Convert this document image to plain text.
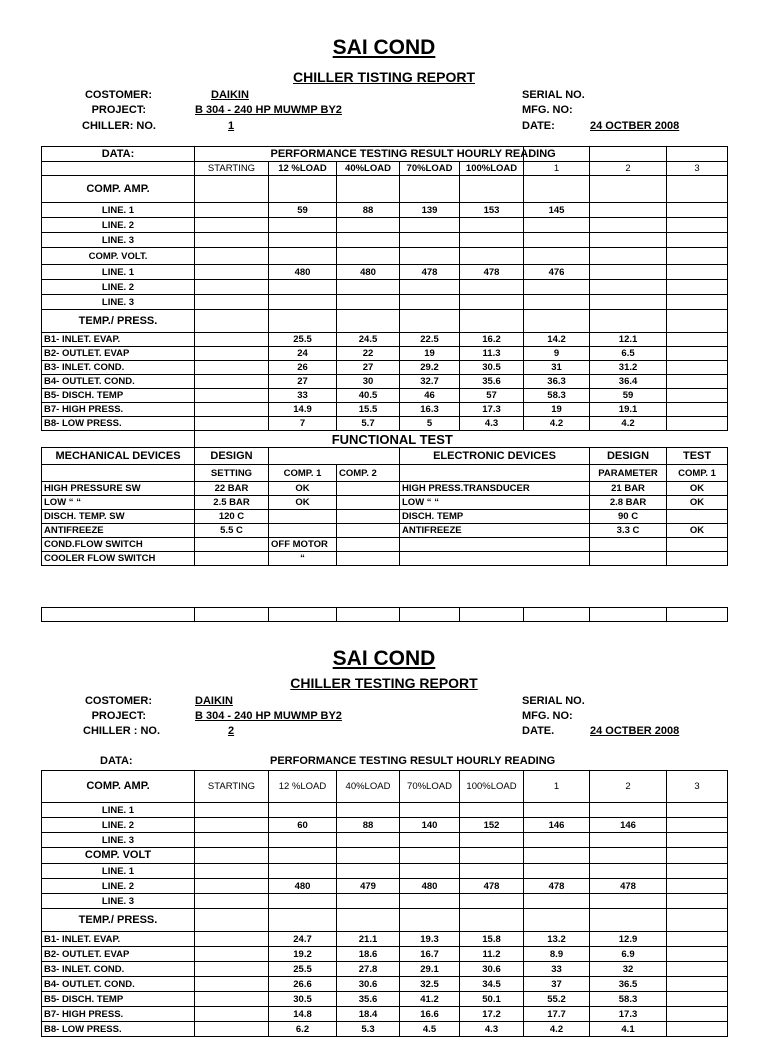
SAI COND
CHILLER TISTING REPORT
COSTOMER:	DAIKIN
PROJECT:	B 304 - 240 HP MUWMP BY2
CHILLER: NO.	1
SERIAL NO.
MFG. NO:
DATE:	24 OCTBER 2008
DATA:		PERFORMANCE TESTING RESULT HOURLY READING						
	STARTING	12 %LOAD	40%LOAD	70%LOAD	100%LOAD	1	2	3
COMP. AMP.								
LINE. 1		59	88	139	153	145		
LINE. 2								
LINE. 3								
COMP. VOLT.								
LINE. 1		480	480	478	478	476		
LINE. 2								
LINE. 3								
TEMP./ PRESS.								
B1- INLET. EVAP.		25.5	24.5	22.5	16.2	14.2	12.1	
B2- OUTLET. EVAP		24	22	19	11.3	9	6.5	
B3- INLET. COND.		26	27	29.2	30.5	31	31.2	
B4- OUTLET. COND.		27	30	32.7	35.6	36.3	36.4	
B5- DISCH. TEMP		33	40.5	46	57	58.3	59	
B7- HIGH PRESS.		14.9	15.5	16.3	17.3	19	19.1	
B8- LOW PRESS.		7	5.7	5	4.3	4.2	4.2	
	FUNCTIONAL TEST							
MECHANICAL DEVICES	DESIGN			ELECTRONIC DEVICES			DESIGN	TEST
	SETTING	COMP. 1	COMP. 2				PARAMETER	COMP. 1
HIGH PRESSURE SW	22 BAR	OK		HIGH PRESS.TRANSDUCER			21 BAR	OK
LOW “ “	2.5 BAR	OK		LOW “ “			2.8 BAR	OK
DISCH. TEMP. SW	120 C			DISCH. TEMP			90 C	
ANTIFREEZE	5.5 C			ANTIFREEZE			3.3 C	OK
COND.FLOW SWITCH		OFF MOTOR						
COOLER FLOW SWITCH		“						

SAI COND
CHILLER TESTING REPORT
COSTOMER:	DAIKIN
PROJECT:	B 304 - 240 HP MUWMP BY2
CHILLER : NO.	2
SERIAL NO.
MFG. NO:
DATE.	24 OCTBER 2008
DATA:	PERFORMANCE TESTING RESULT HOURLY READING
COMP. AMP.	STARTING	12 %LOAD	40%LOAD	70%LOAD	100%LOAD	1	2	3
LINE. 1								
LINE. 2		60	88	140	152	146	146	
LINE. 3								
COMP. VOLT								
LINE. 1								
LINE. 2		480	479	480	478	478	478	
LINE. 3								
TEMP./ PRESS.								
B1- INLET. EVAP.		24.7	21.1	19.3	15.8	13.2	12.9	
B2- OUTLET. EVAP		19.2	18.6	16.7	11.2	8.9	6.9	
B3- INLET. COND.		25.5	27.8	29.1	30.6	33	32	
B4- OUTLET. COND.		26.6	30.6	32.5	34.5	37	36.5	
B5- DISCH. TEMP		30.5	35.6	41.2	50.1	55.2	58.3	
B7- HIGH PRESS.		14.8	18.4	16.6	17.2	17.7	17.3	
B8- LOW PRESS.		6.2	5.3	4.5	4.3	4.2	4.1	
